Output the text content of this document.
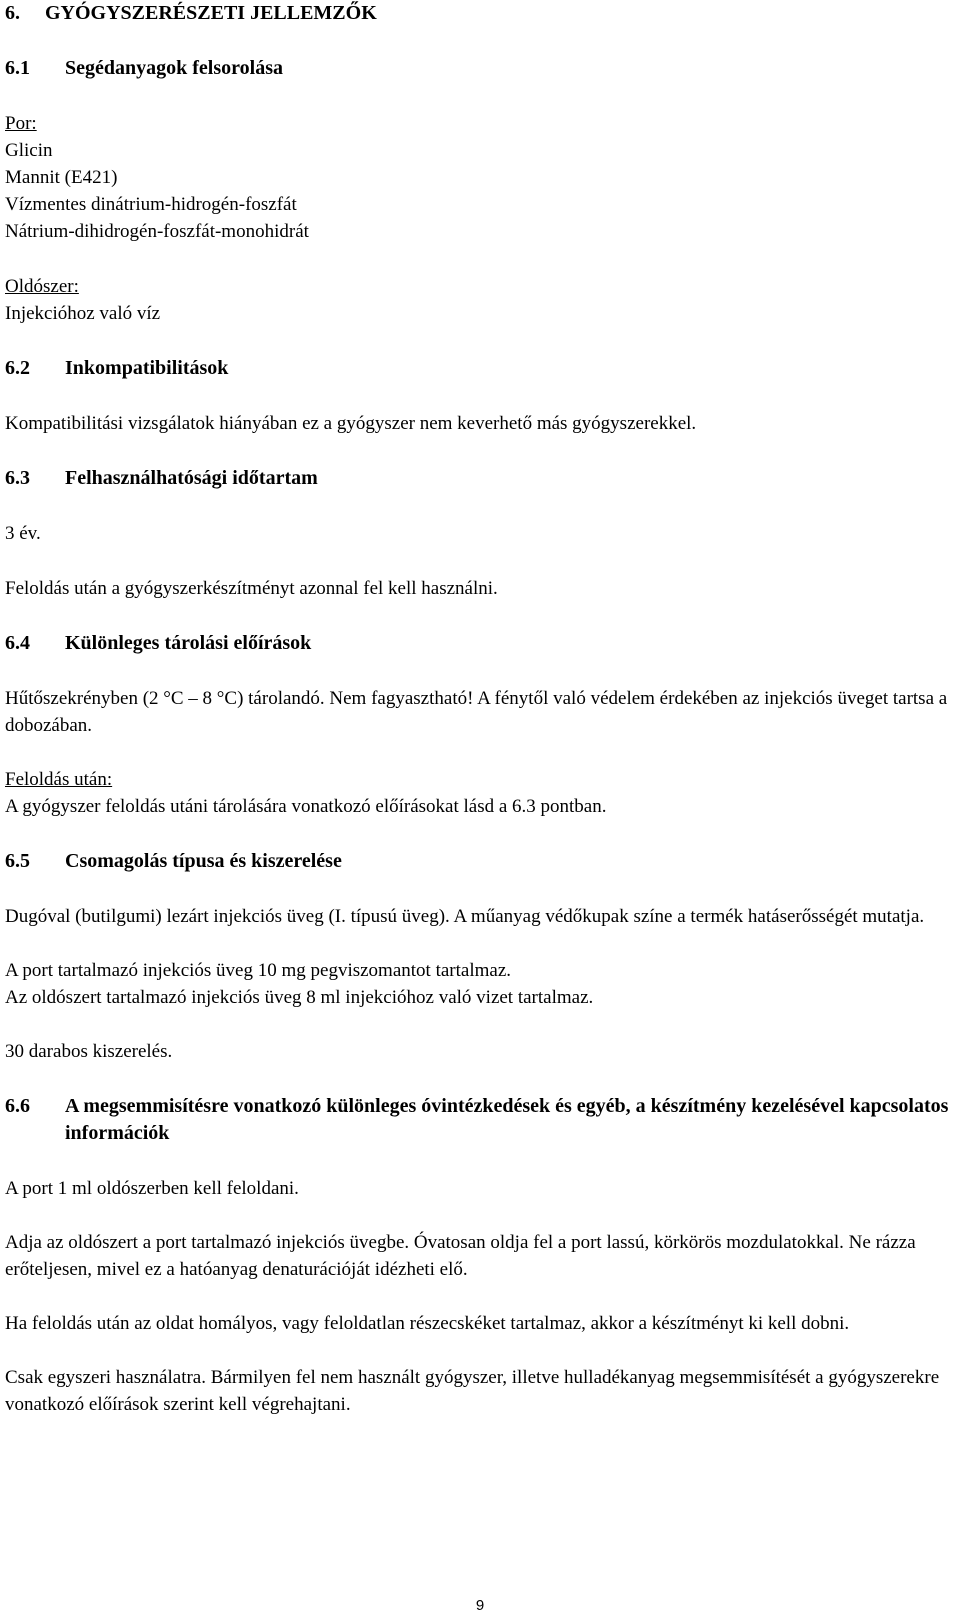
6. GYÓGYSZERÉSZETI JELLEMZŐK
6.1	Segédanyagok felsorolása
Por:
Glicin
Mannit (E421)
Vízmentes dinátrium-hidrogén-foszfát
Nátrium-dihidrogén-foszfát-monohidrát
Oldószer:
Injekcióhoz való víz
6.2	Inkompatibilitások
Kompatibilitási vizsgálatok hiányában ez a gyógyszer nem keverhető más gyógyszerekkel.
6.3	Felhasználhatósági időtartam
3 év.
Feloldás után a gyógyszerkészítményt azonnal fel kell használni.
6.4	Különleges tárolási előírások
Hűtőszekrényben (2 °C – 8 °C) tárolandó. Nem fagyasztható! A fénytől való védelem érdekében az injekciós üveget tartsa a dobozában.
Feloldás után:
A gyógyszer feloldás utáni tárolására vonatkozó előírásokat lásd a 6.3 pontban.
6.5	Csomagolás típusa és kiszerelése
Dugóval (butilgumi) lezárt injekciós üveg (I. típusú üveg). A műanyag védőkupak színe a termék hatáserősségét mutatja.
A port tartalmazó injekciós üveg 10 mg pegviszomantot tartalmaz.
Az oldószert tartalmazó injekciós üveg 8 ml injekcióhoz való vizet tartalmaz.
30 darabos kiszerelés.
6.6	A megsemmisítésre vonatkozó különleges óvintézkedések és egyéb, a készítmény kezelésével kapcsolatos információk
A port 1 ml oldószerben kell feloldani.
Adja az oldószert a port tartalmazó injekciós üvegbe. Óvatosan oldja fel a port lassú, körkörös mozdulatokkal. Ne rázza erőteljesen, mivel ez a hatóanyag denaturációját idézheti elő.
Ha feloldás után az oldat homályos, vagy feloldatlan részecskéket tartalmaz, akkor a készítményt ki kell dobni.
Csak egyszeri használatra. Bármilyen fel nem használt gyógyszer, illetve hulladékanyag megsemmisítését a gyógyszerekre vonatkozó előírások szerint kell végrehajtani.
9
